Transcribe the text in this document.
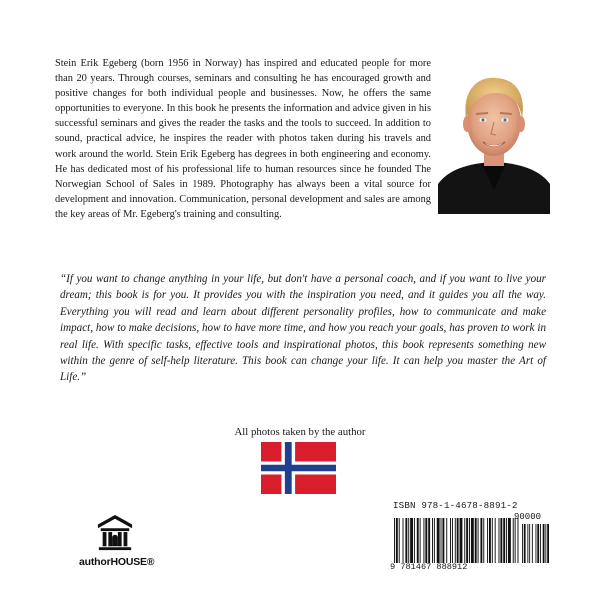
Stein Erik Egeberg (born 1956 in Norway) has inspired and educated people for more than 20 years. Through courses, seminars and consulting he has encouraged growth and positive changes for both individual people and businesses. Now, he offers the same opportunities to everyone. In this book he presents the information and advice given in his successful seminars and gives the reader the tasks and the tools to succeed. In addition to sound, practical advice, he inspires the reader with photos taken during his travels and work around the world. Stein Erik Egeberg has degrees in both engineering and economy. He has dedicated most of his professional life to human resources since he founded The Norwegian School of Sales in 1989. Photography has always been a vital source for development and innovation. Communication, personal development and sales are among the key areas of Mr. Egeberg's training and consulting.

“If you want to change anything in your life, but don't have a personal coach, and if you want to live your dream; this book is for you. It provides you with the inspiration you need, and it guides you all the way. Everything you will read and learn about different personality profiles, how to communicate and make impact, how to make decisions, how to have more time, and how you reach your goals, has proven to work in real life. With specific tasks, effective tools and inspirational photos, this book represents something new within the genre of self-help literature. This book can change your life. It can help you master the Art of Life.”

All photos taken by the author
authorHOUSE®
ISBN 978-1-4678-8891-2
90000
9 781467 888912
